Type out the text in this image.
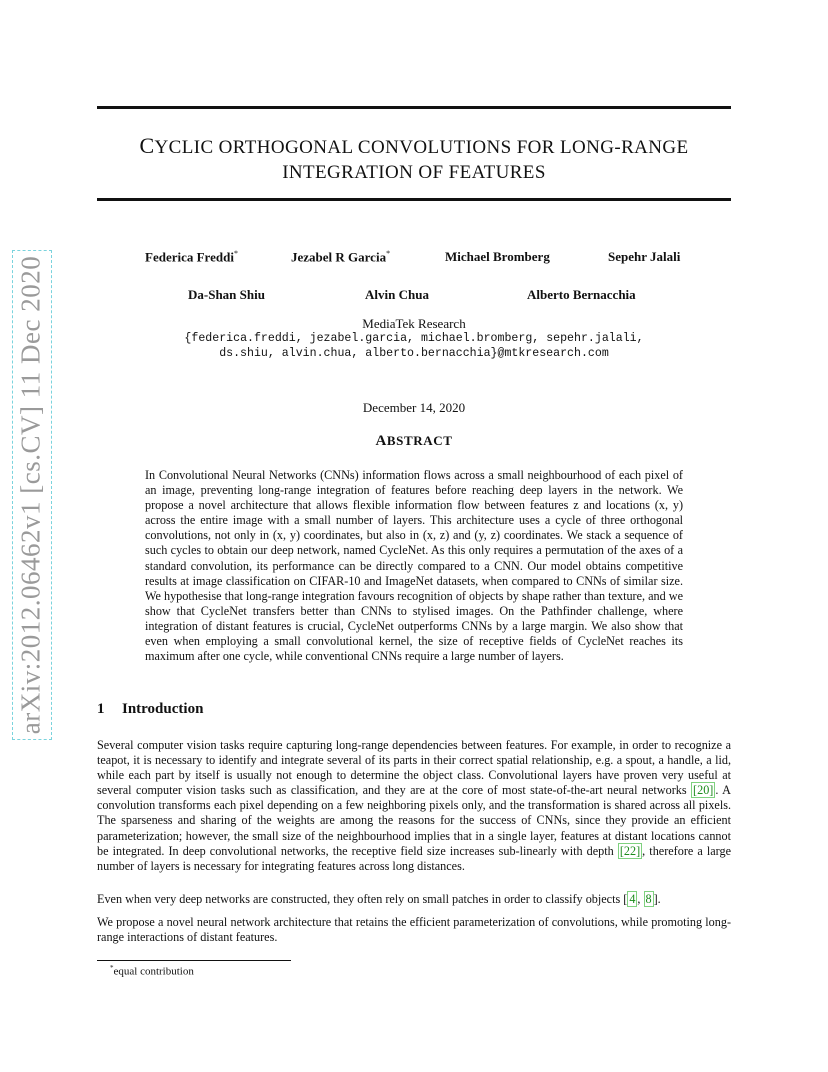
arXiv:2012.06462v1 [cs.CV] 11 Dec 2020
CYCLIC ORTHOGONAL CONVOLUTIONS FOR LONG-RANGE
INTEGRATION OF FEATURES
Federica Freddi*	Jezabel R Garcia*	Michael Bromberg	Sepehr Jalali
Da-Shan Shiu	Alvin Chua	Alberto Bernacchia
MediaTek Research
{federica.freddi, jezabel.garcia, michael.bromberg, sepehr.jalali,
ds.shiu, alvin.chua, alberto.bernacchia}@mtkresearch.com
December 14, 2020
ABSTRACT
In Convolutional Neural Networks (CNNs) information flows across a small neighbourhood of each pixel of an image, preventing long-range integration of features before reaching deep layers in the network. We propose a novel architecture that allows flexible information flow between features z and locations (x, y) across the entire image with a small number of layers. This architecture uses a cycle of three orthogonal convolutions, not only in (x, y) coordinates, but also in (x, z) and (y, z) coordinates. We stack a sequence of such cycles to obtain our deep network, named CycleNet. As this only requires a permutation of the axes of a standard convolution, its performance can be directly compared to a CNN. Our model obtains competitive results at image classification on CIFAR-10 and ImageNet datasets, when compared to CNNs of similar size. We hypothesise that long-range integration favours recognition of objects by shape rather than texture, and we show that CycleNet transfers better than CNNs to stylised images. On the Pathfinder challenge, where integration of distant features is crucial, CycleNet outperforms CNNs by a large margin. We also show that even when employing a small convolutional kernel, the size of receptive fields of CycleNet reaches its maximum after one cycle, while conventional CNNs require a large number of layers.
1 Introduction
Several computer vision tasks require capturing long-range dependencies between features. For example, in order to recognize a teapot, it is necessary to identify and integrate several of its parts in their correct spatial relationship, e.g. a spout, a handle, a lid, while each part by itself is usually not enough to determine the object class. Convolutional layers have proven very useful at several computer vision tasks such as classification, and they are at the core of most state-of-the-art neural networks [20] . A convolution transforms each pixel depending on a few neighboring pixels only, and the transformation is shared across all pixels. The sparseness and sharing of the weights are among the reasons for the success of CNNs, since they provide an efficient parameterization; however, the small size of the neighbourhood implies that in a single layer, features at distant locations cannot be integrated. In deep convolutional networks, the receptive field size increases sub-linearly with depth [22] , therefore a large number of layers is necessary for integrating features across long distances.
Even when very deep networks are constructed, they often rely on small patches in order to classify objects [ 4 , 8 ].
We propose a novel neural network architecture that retains the efficient parameterization of convolutions, while promoting long-range interactions of distant features.
*equal contribution
